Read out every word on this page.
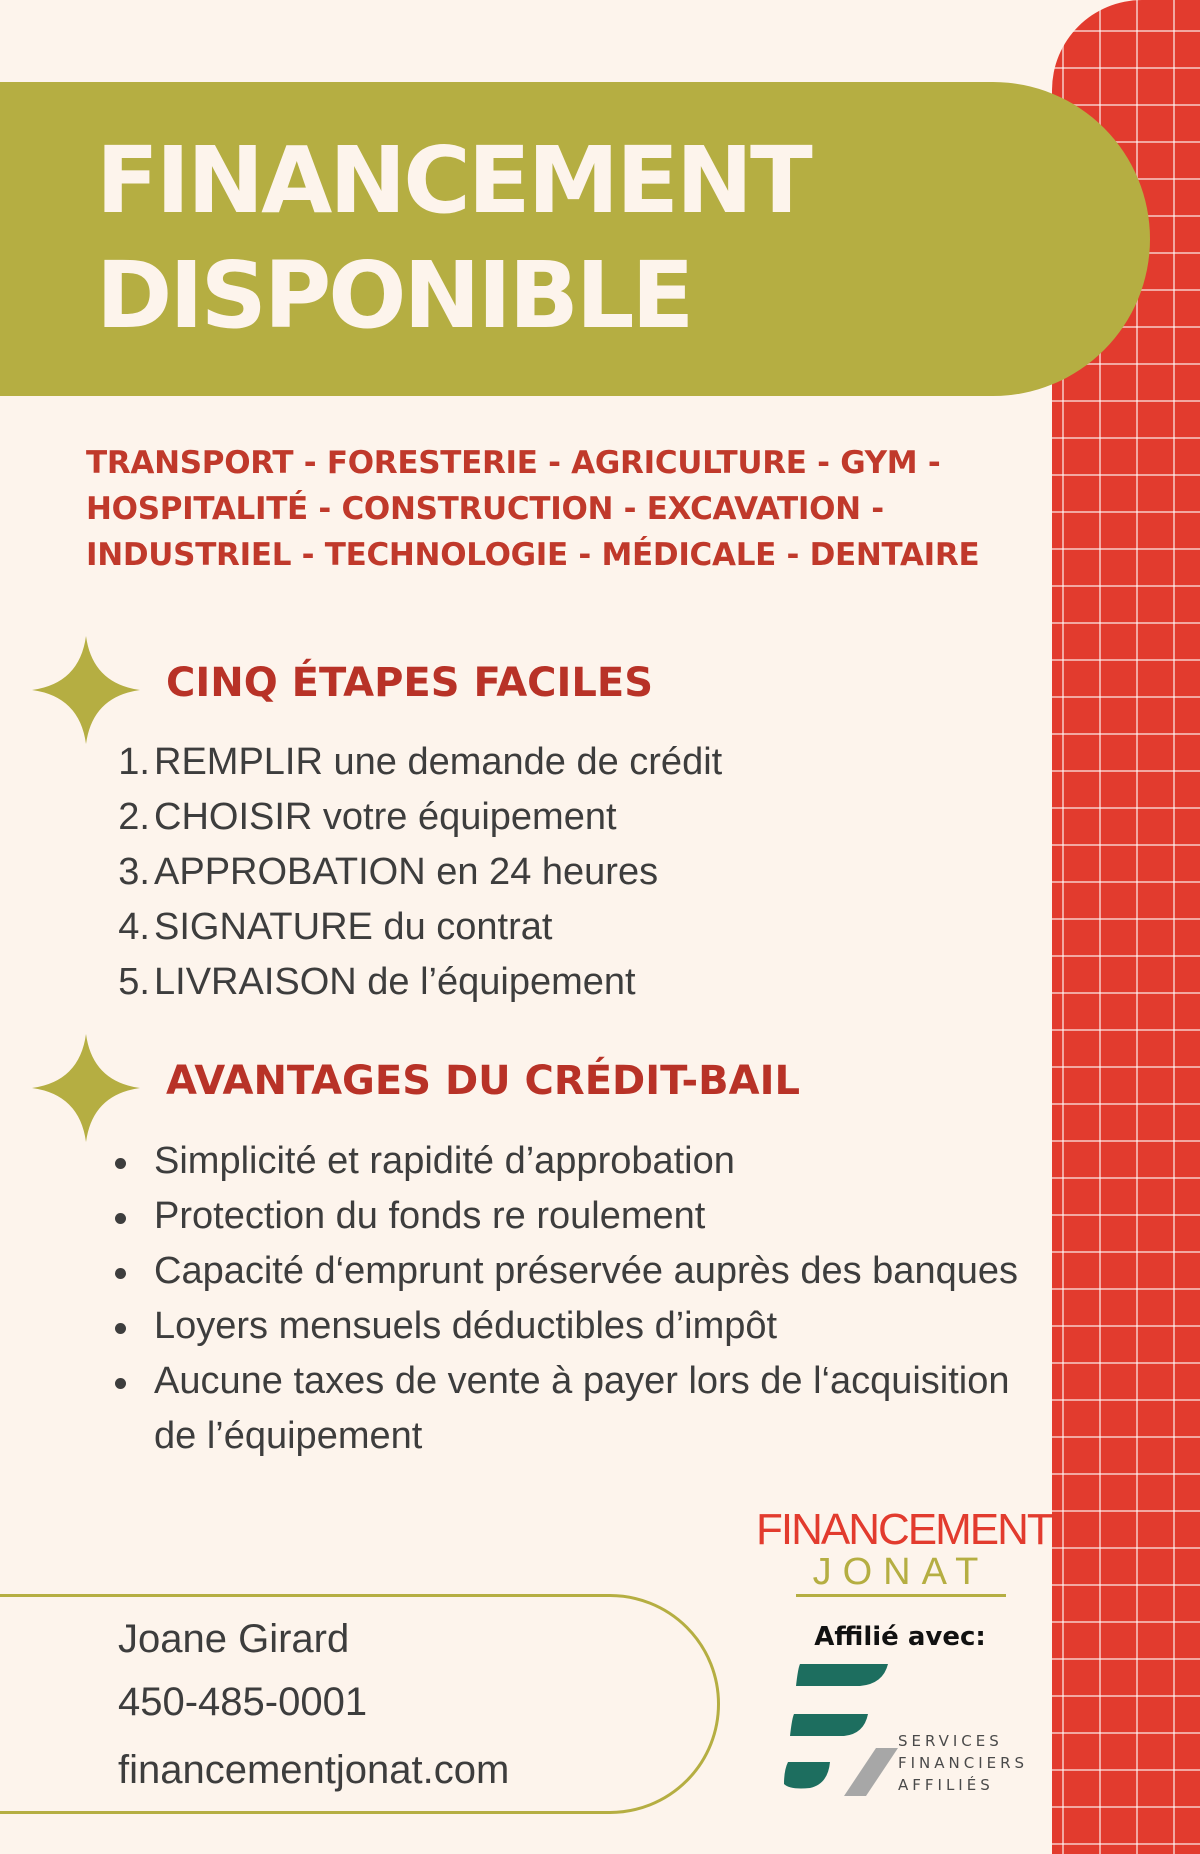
FINANCEMENT
DISPONIBLE
TRANSPORT - FORESTERIE - AGRICULTURE - GYM -
HOSPITALITÉ - CONSTRUCTION - EXCAVATION -
INDUSTRIEL - TECHNOLOGIE - MÉDICALE - DENTAIRE
CINQ ÉTAPES FACILES
1. REMPLIR une demande de crédit
2. CHOISIR votre équipement
3. APPROBATION en 24 heures
4. SIGNATURE du contrat
5. LIVRAISON de l’équipement
AVANTAGES DU CRÉDIT-BAIL
Simplicité et rapidité d’approbation
Protection du fonds re roulement
Capacité d‘emprunt préservée auprès des banques
Loyers mensuels déductibles d’impôt
Aucune taxes de vente à payer lors de l‘acquisition de l’équipement
Joane Girard
450-485-0001
financementjonat.com
FINANCEMENT
JONAT
Affilié avec:
SERVICES
FINANCIERS
AFFILIÉS
